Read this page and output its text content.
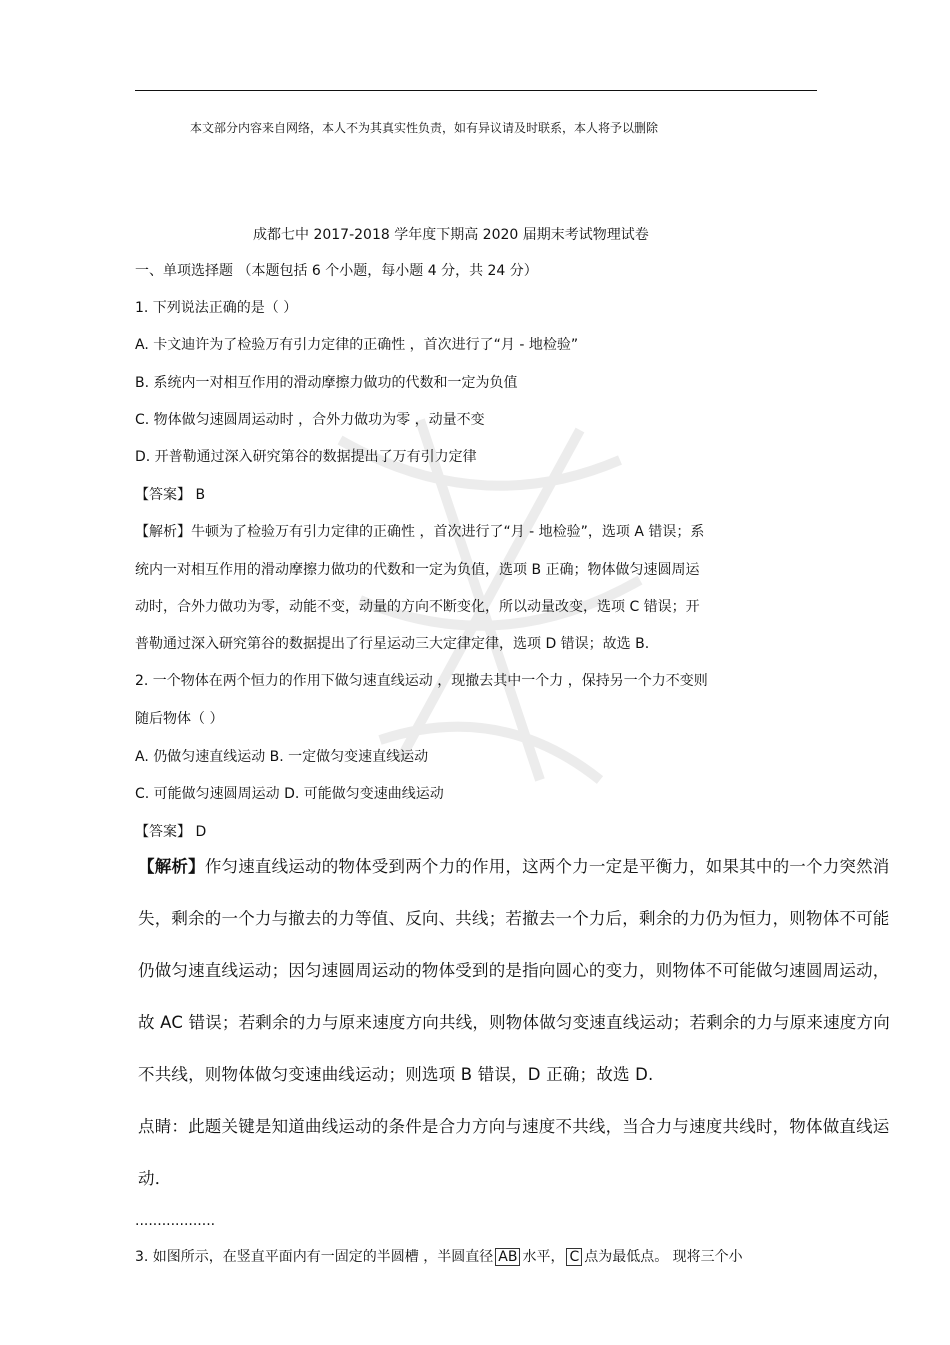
本文部分内容来自网络，本人不为其真实性负责，如有异议请及时联系，本人将予以删除
成都七中 2017-2018 学年度下期高 2020 届期末考试物理试卷
一、单项选择题 （本题包括 6 个小题，每小题 4 分，共 24 分）
1. 下列说法正确的是（ ）
A. 卡文迪许为了检验万有引力定律的正确性 ，首次进行了“月 - 地检验”
B. 系统内一对相互作用的滑动摩擦力做功的代数和一定为负值
C. 物体做匀速圆周运动时 ，合外力做功为零 ，动量不变
D. 开普勒通过深入研究第谷的数据提出了万有引力定律
【答案】 B
【解析】牛顿为了检验万有引力定律的正确性 ，首次进行了“月 - 地检验”，选项 A 错误；系
统内一对相互作用的滑动摩擦力做功的代数和一定为负值，选项 B 正确；物体做匀速圆周运
动时，合外力做功为零，动能不变，动量的方向不断变化，所以动量改变，选项 C 错误；开
普勒通过深入研究第谷的数据提出了行星运动三大定律定律，选项 D 错误；故选 B.
2. 一个物体在两个恒力的作用下做匀速直线运动 ，现撤去其中一个力 ，保持另一个力不变则
随后物体（ ）
A. 仍做匀速直线运动 B. 一定做匀变速直线运动
C. 可能做匀速圆周运动 D. 可能做匀变速曲线运动
【答案】 D
【解析】作匀速直线运动的物体受到两个力的作用，这两个力一定是平衡力，如果其中的一个力突然消
失，剩余的一个力与撤去的力等值、反向、共线；若撤去一个力后，剩余的力仍为恒力，则物体不可能
仍做匀速直线运动；因匀速圆周运动的物体受到的是指向圆心的变力，则物体不可能做匀速圆周运动，
故 AC 错误；若剩余的力与原来速度方向共线，则物体做匀变速直线运动；若剩余的力与原来速度方向
不共线，则物体做匀变速曲线运动；则选项 B 错误，D 正确；故选 D.
点睛：此题关键是知道曲线运动的条件是合力方向与速度不共线，当合力与速度共线时，物体做直线运
动．
..................
3. 如图所示，在竖直平面内有一固定的半圆槽 ，半圆直径 AB 水平， C 点为最低点。 现将三个小
